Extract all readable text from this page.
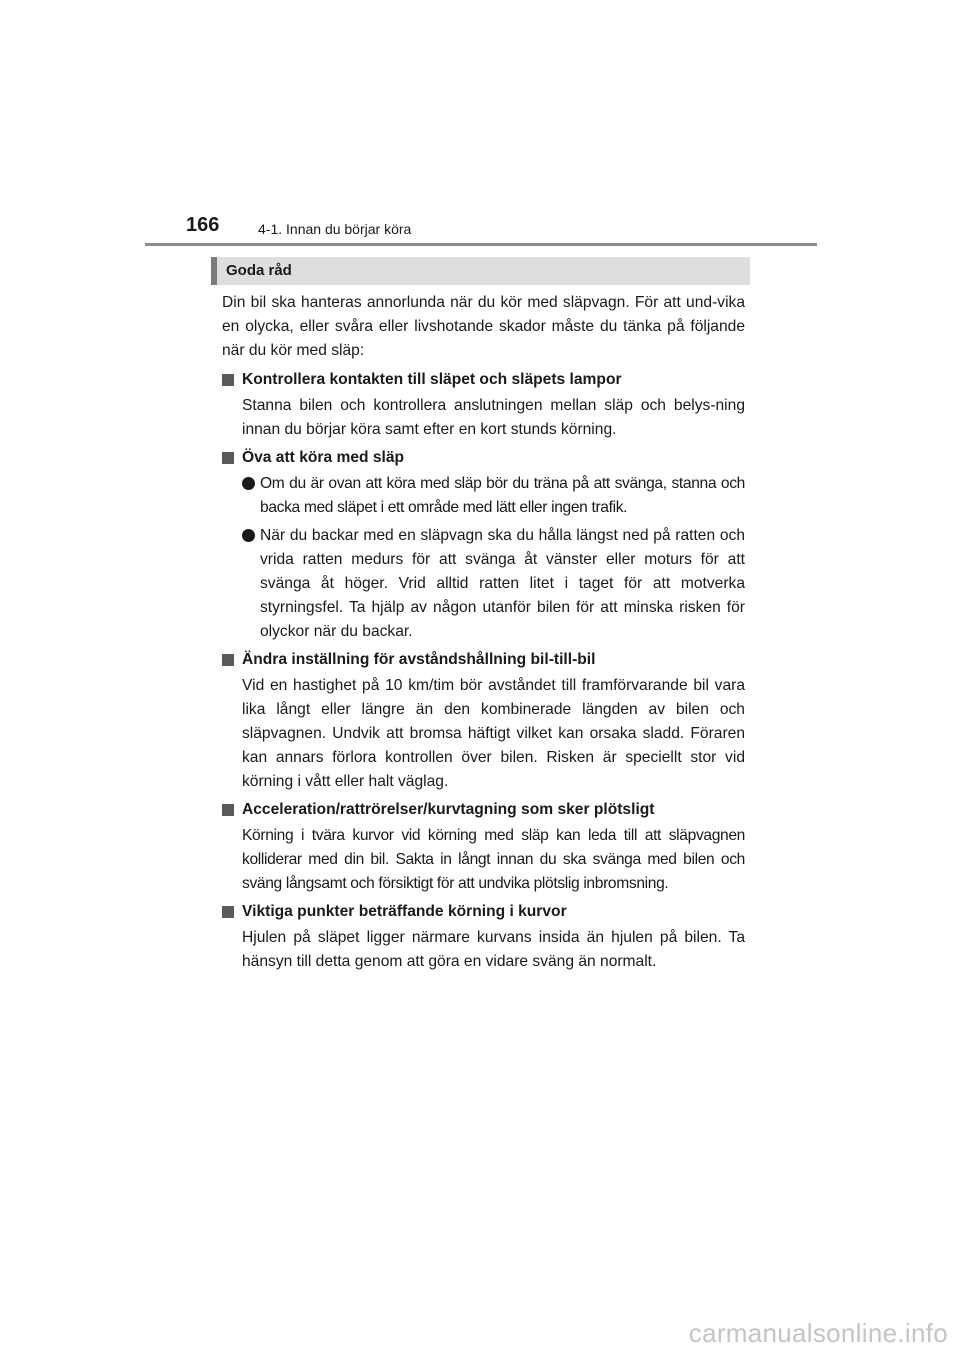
166	4-1. Innan du börjar köra
Goda råd

Din bil ska hanteras annorlunda när du kör med släpvagn. För att und-vika en olycka, eller svåra eller livshotande skador måste du tänka på följande när du kör med släp:

Kontrollera kontakten till släpet och släpets lampor

Stanna bilen och kontrollera anslutningen mellan släp och belys-ning innan du börjar köra samt efter en kort stunds körning.

Öva att köra med släp
Om du är ovan att köra med släp bör du träna på att svänga, stanna och backa med släpet i ett område med lätt eller ingen trafik.
När du backar med en släpvagn ska du hålla längst ned på ratten och vrida ratten medurs för att svänga åt vänster eller moturs för att svänga åt höger. Vrid alltid ratten litet i taget för att motverka styrningsfel. Ta hjälp av någon utanför bilen för att minska risken för olyckor när du backar.
Ändra inställning för avståndshållning bil-till-bil

Vid en hastighet på 10 km/tim bör avståndet till framförvarande bil vara lika långt eller längre än den kombinerade längden av bilen och släpvagnen. Undvik att bromsa häftigt vilket kan orsaka sladd. Föraren kan annars förlora kontrollen över bilen. Risken är speciellt stor vid körning i vått eller halt väglag.

Acceleration/rattrörelser/kurvtagning som sker plötsligt

Körning i tvära kurvor vid körning med släp kan leda till att släpvagnen kolliderar med din bil. Sakta in långt innan du ska svänga med bilen och sväng långsamt och försiktigt för att undvika plötslig inbromsning.

Viktiga punkter beträffande körning i kurvor

Hjulen på släpet ligger närmare kurvans insida än hjulen på bilen. Ta hänsyn till detta genom att göra en vidare sväng än normalt.

carmanualsonline.info
